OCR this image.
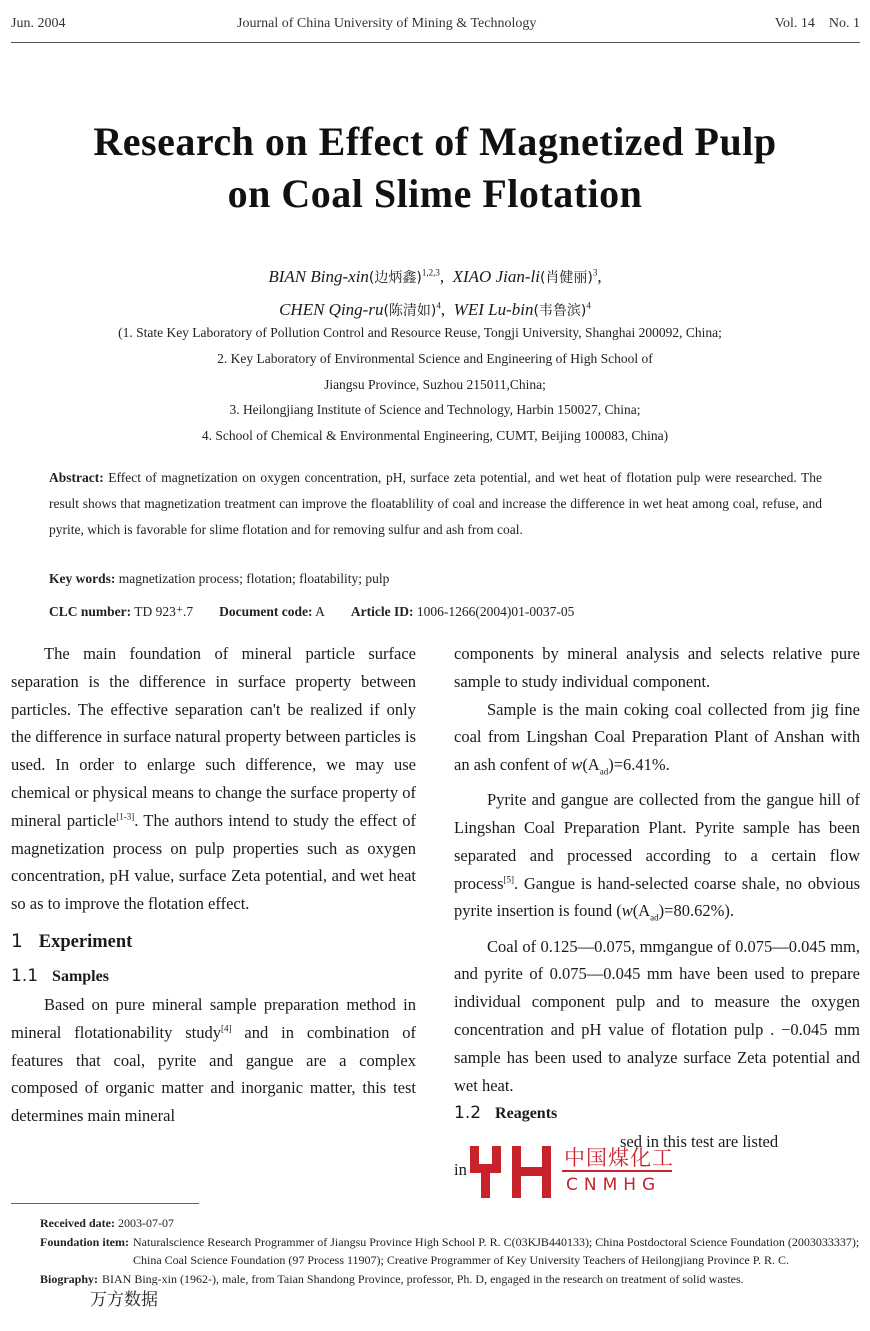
Jun. 2004	Journal of China University of Mining & Technology	Vol. 14    No. 1
Research on Effect of Magnetized Pulp
on Coal Slime Flotation
BIAN Bing-xin(边炳鑫)$^{1,2,3}$,  XIAO Jian-li(肖健丽)$^3$,
CHEN Qing-ru(陈清如)$^4$,  WEI Lu-bin(韦鲁滨)$^4$
(1. State Key Laboratory of Pollution Control and Resource Reuse, Tongji University, Shanghai 200092, China;
2. Key Laboratory of Environmental Science and Engineering of High School of
Jiangsu Province, Suzhou 215011,China;
3. Heilongjiang Institute of Science and Technology, Harbin 150027, China;
4. School of Chemical & Environmental Engineering, CUMT, Beijing 100083, China)
Abstract: Effect of magnetization on oxygen concentration, pH, surface zeta potential, and wet heat of flotation pulp were researched. The result shows that magnetization treatment can improve the floatablility of coal and increase the difference in wet heat among coal, refuse, and pyrite, which is favorable for slime flotation and for removing sulfur and ash from coal.
Key words: magnetization process; flotation; floatability; pulp
CLC number: TD 923⁺.7 Document code: A Article ID: 1006-1266(2004)01-0037-05

The main foundation of mineral particle surface separation is the difference in surface property between particles. The effective separation can't be realized if only the difference in surface natural property between particles is used. In order to enlarge such difference, we may use chemical or physical means to change the surface property of mineral particle[1-3]. The authors intend to study the effect of magnetization process on pulp properties such as oxygen concentration, pH value, surface Zeta potential, and wet heat so as to improve the flotation effect.

1 Experiment
1.1 Samples

Based on pure mineral sample preparation method in mineral flotationability study[4] and in combination of features that coal, pyrite and gangue are a complex composed of organic matter and inorganic matter, this test determines main mineral

components by mineral analysis and selects relative pure sample to study individual component.

Sample is the main coking coal collected from jig fine coal from Lingshan Coal Preparation Plant of Anshan with an ash confent of $w(A_{ad})=6.41\%$.

Pyrite and gangue are collected from the gangue hill of Lingshan Coal Preparation Plant. Pyrite sample has been separated and processed according to a certain flow process[5]. Gangue is hand-selected coarse shale, no obvious pyrite insertion is found $(w(A_{ad})=80.62\%)$.

Coal of 0.125—0.075, mmgangue of 0.075—0.045 mm, and pyrite of 0.075—0.045 mm have been used to prepare individual component pulp and to measure the oxygen concentration and pH value of flotation pulp . −0.045 mm sample has been used to analyze surface Zeta potential and wet heat.

1.2 Reagents

sed in this test are listed
in	中国煤化工
CNMHG
Received date: 2003-07-07
Foundation item: Naturalscience Research Programmer of Jiangsu Province High School P. R. C(03KJB440133); China Postdoctoral Science Foundation (2003033337); China Coal Science Foundation (97 Process 11907); Creative Programmer of Key University Teachers of Heilongjiang Province P. R. C.
Biography: BIAN Bing-xin (1962-), male, from Taian Shandong Province, professor, Ph. D, engaged in the research on treatment of solid wastes.
万方数据
